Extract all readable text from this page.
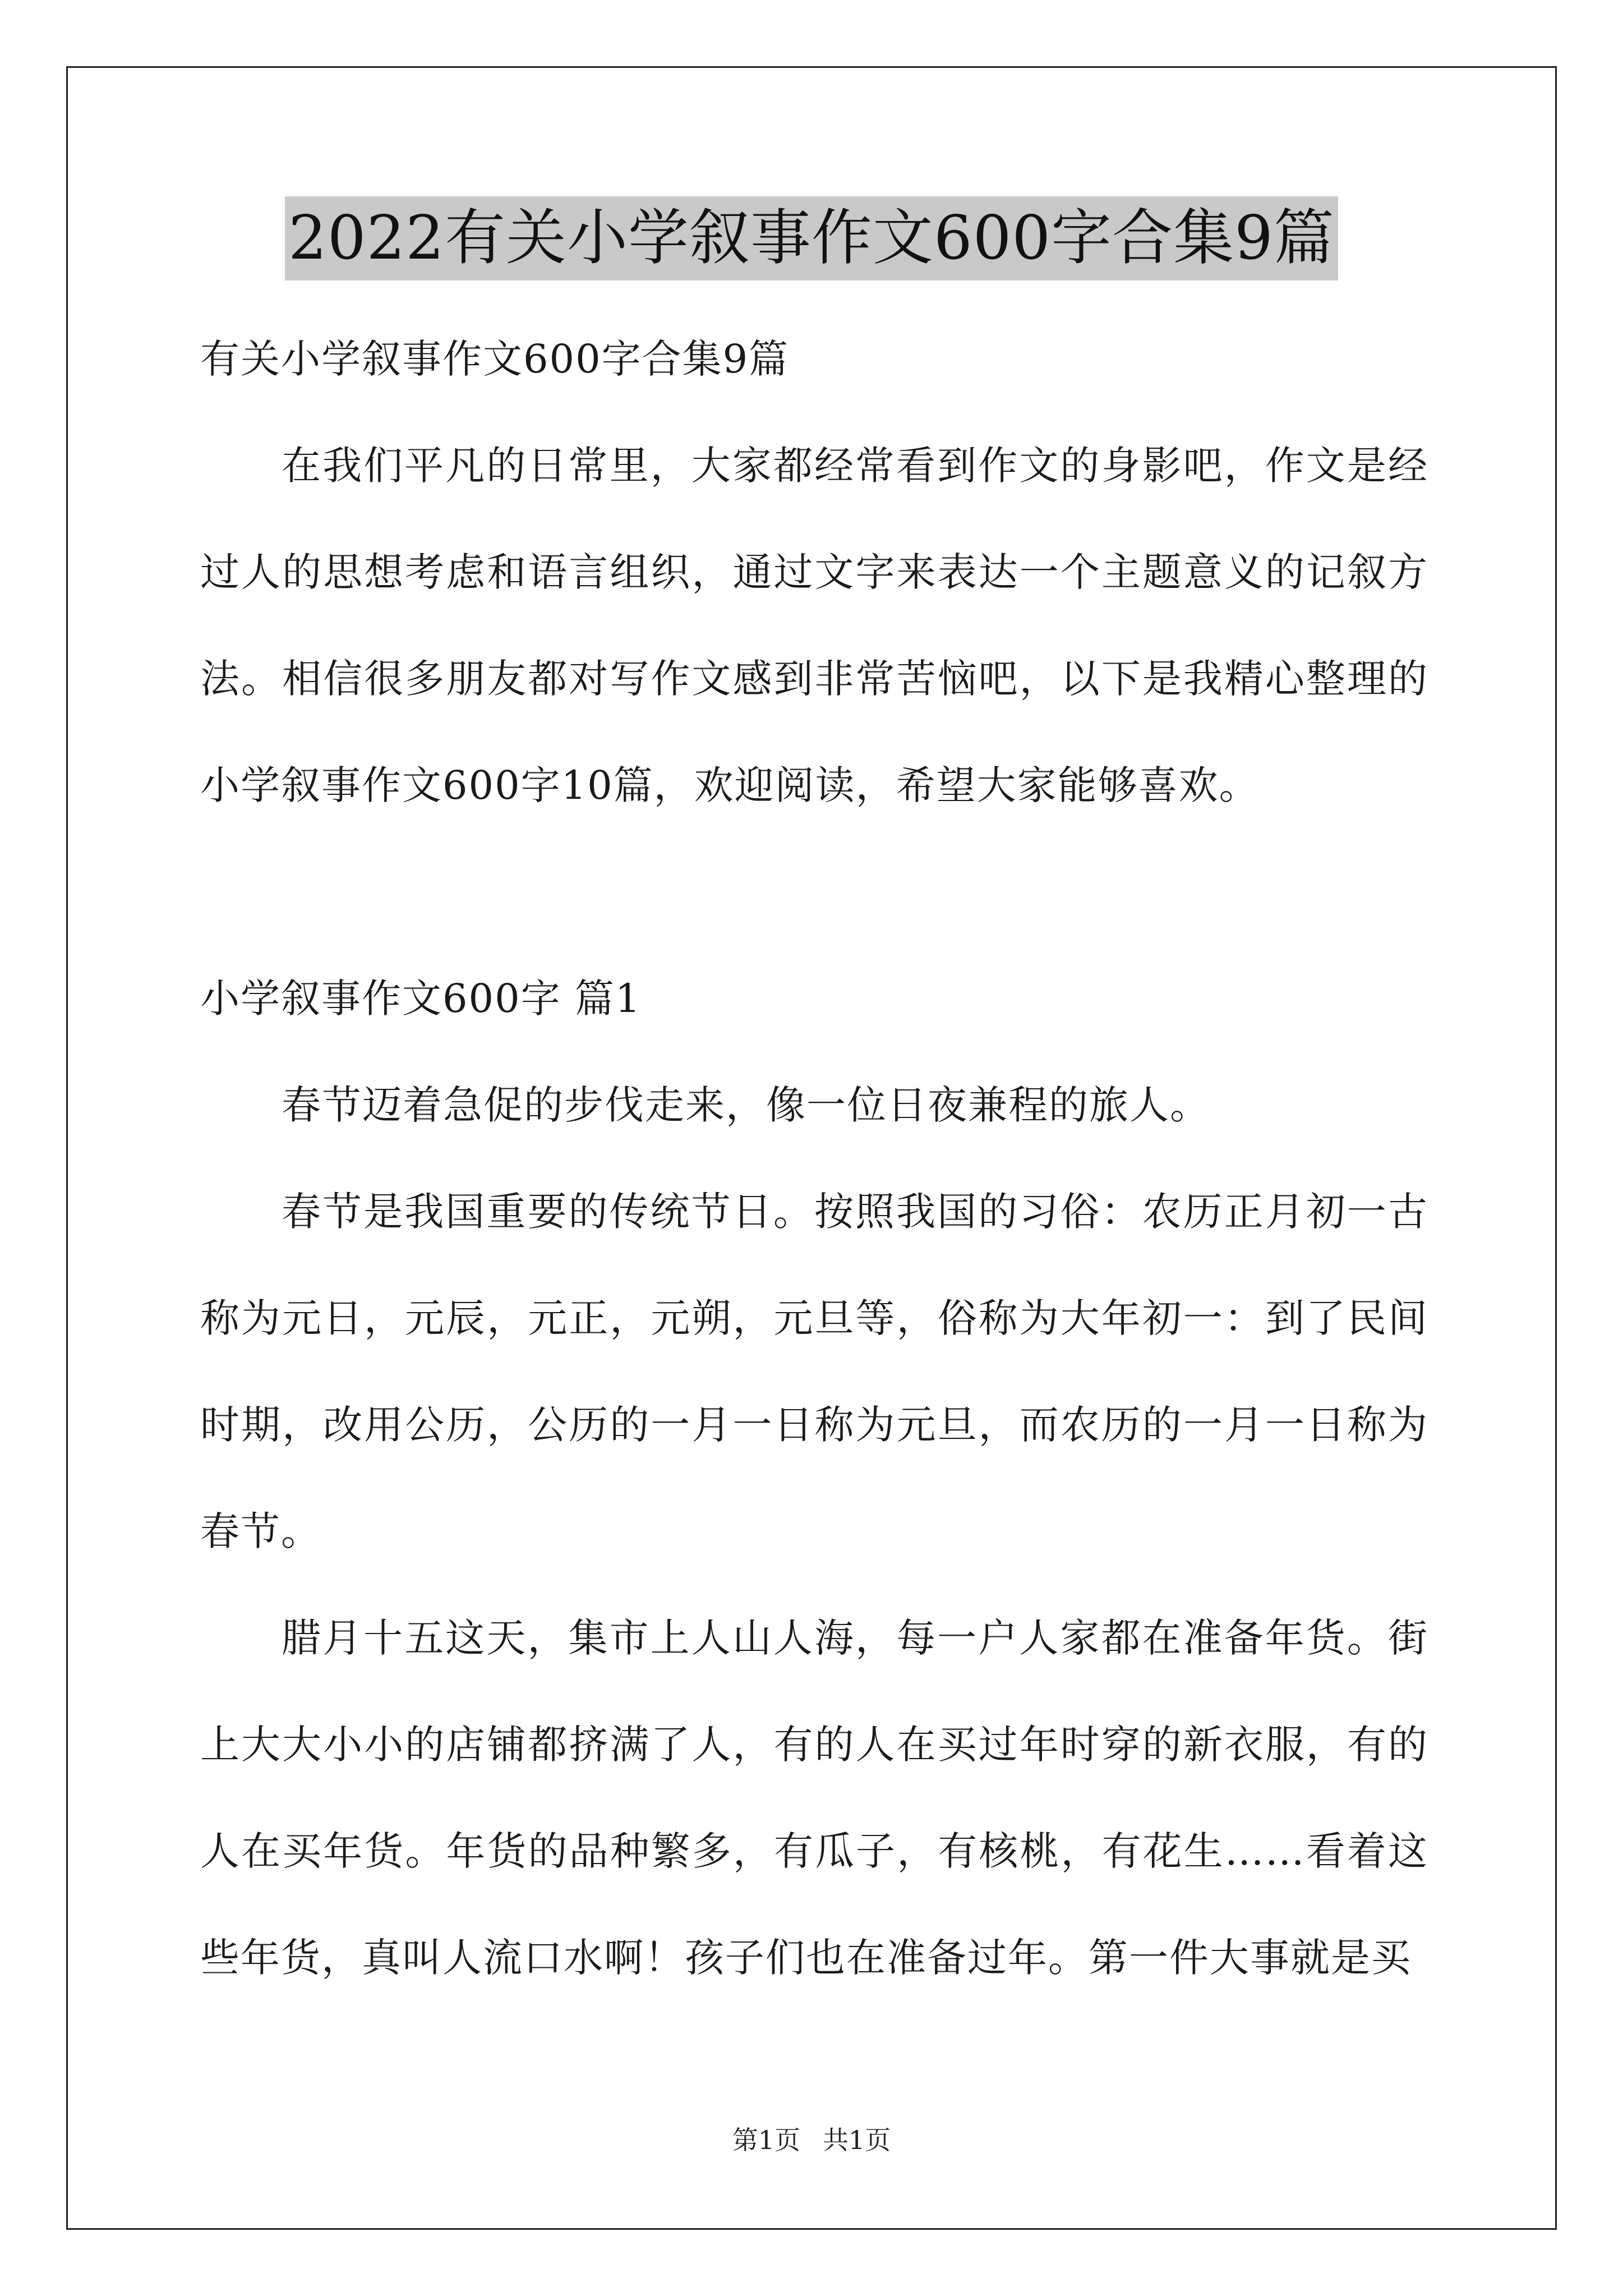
2022有关小学叙事作文600字合集9篇
有关小学叙事作文600字合集9篇

在我们平凡的日常里，大家都经常看到作文的身影吧，作文是经过人的思想考虑和语言组织，通过文字来表达一个主题意义的记叙方法。相信很多朋友都对写作文感到非常苦恼吧，以下是我精心整理的小学叙事作文600字10篇，欢迎阅读，希望大家能够喜欢。

小学叙事作文600字 篇1

春节迈着急促的步伐走来，像一位日夜兼程的旅人。

春节是我国重要的传统节日。按照我国的习俗：农历正月初一古称为元日，元辰，元正，元朔，元旦等，俗称为大年初一：到了民间时期，改用公历，公历的一月一日称为元旦，而农历的一月一日称为春节。

腊月十五这天，集市上人山人海，每一户人家都在准备年货。街上大大小小的店铺都挤满了人，有的人在买过年时穿的新衣服，有的人在买年货。年货的品种繁多，有瓜子，有核桃，有花生……看着这些年货，真叫人流口水啊！孩子们也在准备过年。第一件大事就是买

第1页 共1页
